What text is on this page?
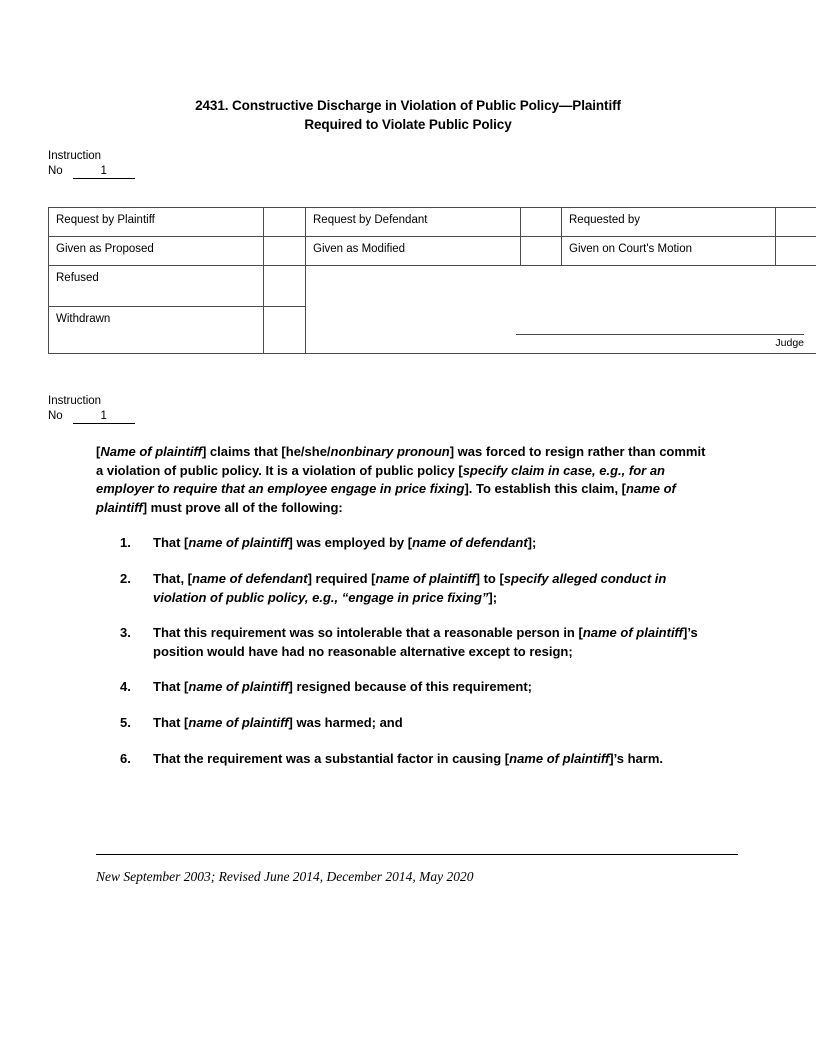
2431. Constructive Discharge in Violation of Public Policy—Plaintiff
Required to Violate Public Policy
Instruction
No	1
Request by Plaintiff		Request by Defendant		Requested by	
Given as Proposed		Given as Modified		Given on Court's Motion	
Refused		Judge			

Withdrawn					
Instruction
No	1

[Name of plaintiff] claims that [he/she/nonbinary pronoun] was forced to resign rather than commit a violation of public policy. It is a violation of public policy [specify claim in case, e.g., for an employer to require that an employee engage in price fixing]. To establish this claim, [name of plaintiff] must prove all of the following:

1. That [name of plaintiff] was employed by [name of defendant];
2. That, [name of defendant] required [name of plaintiff] to [specify alleged conduct in violation of public policy, e.g., “engage in price fixing”];
3. That this requirement was so intolerable that a reasonable person in [name of plaintiff]’s position would have had no reasonable alternative except to resign;
4. That [name of plaintiff] resigned because of this requirement;
5. That [name of plaintiff] was harmed; and
6. That the requirement was a substantial factor in causing [name of plaintiff]’s harm.
New September 2003; Revised June 2014, December 2014, May 2020
